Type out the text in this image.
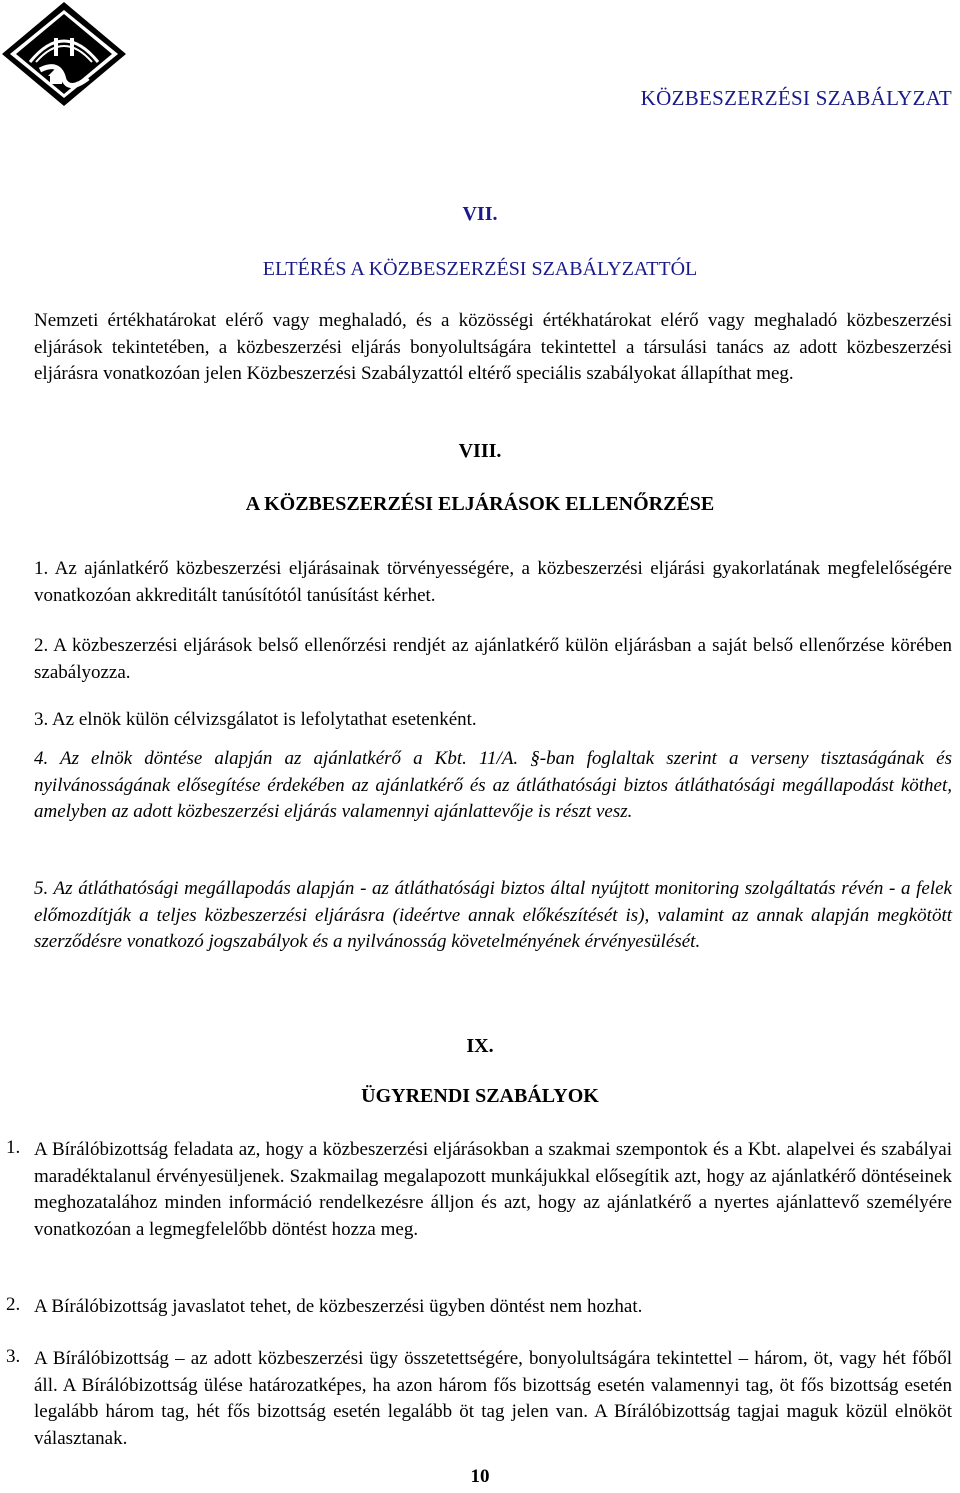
KÖZBESZERZÉSI SZABÁLYZAT
VII.
ELTÉRÉS A KÖZBESZERZÉSI SZABÁLYZATTÓL
Nemzeti értékhatárokat elérő vagy meghaladó, és a közösségi értékhatárokat elérő vagy meghaladó közbeszerzési eljárások tekintetében, a közbeszerzési eljárás bonyolultságára tekintettel a társulási tanács az adott közbeszerzési eljárásra vonatkozóan jelen Közbeszerzési Szabályzattól eltérő speciális szabályokat állapíthat meg.
VIII.
A KÖZBESZERZÉSI ELJÁRÁSOK ELLENŐRZÉSE
1. Az ajánlatkérő közbeszerzési eljárásainak törvényességére, a közbeszerzési eljárási gyakorlatának megfelelőségére vonatkozóan akkreditált tanúsítótól tanúsítást kérhet.
2. A közbeszerzési eljárások belső ellenőrzési rendjét az ajánlatkérő külön eljárásban a saját belső ellenőrzése körében szabályozza.
3. Az elnök külön célvizsgálatot is lefolytathat esetenként.
4. Az elnök döntése alapján az ajánlatkérő a Kbt. 11/A. §-ban foglaltak szerint a verseny tisztaságának és nyilvánosságának elősegítése érdekében az ajánlatkérő és az átláthatósági biztos átláthatósági megállapodást köthet, amelyben az adott közbeszerzési eljárás valamennyi ajánlattevője is részt vesz.
5. Az átláthatósági megállapodás alapján - az átláthatósági biztos által nyújtott monitoring szolgáltatás révén - a felek előmozdítják a teljes közbeszerzési eljárásra (ideértve annak előkészítését is), valamint az annak alapján megkötött szerződésre vonatkozó jogszabályok és a nyilvánosság követelményének érvényesülését.
IX.
ÜGYRENDI SZABÁLYOK
1. A Bírálóbizottság feladata az, hogy a közbeszerzési eljárásokban a szakmai szempontok és a Kbt. alapelvei és szabályai maradéktalanul érvényesüljenek. Szakmailag megalapozott munkájukkal elősegítik azt, hogy az ajánlatkérő döntéseinek meghozatalához minden információ rendelkezésre álljon és azt, hogy az ajánlatkérő a nyertes ajánlattevő személyére vonatkozóan a legmegfelelőbb döntést hozza meg.
2. A Bírálóbizottság javaslatot tehet, de közbeszerzési ügyben döntést nem hozhat.
3. A Bírálóbizottság – az adott közbeszerzési ügy összetettségére, bonyolultságára tekintettel – három, öt, vagy hét főből áll. A Bírálóbizottság ülése határozatképes, ha azon három fős bizottság esetén valamennyi tag, öt fős bizottság esetén legalább három tag, hét fős bizottság esetén legalább öt tag jelen van. A Bírálóbizottság tagjai maguk közül elnököt választanak.
10
